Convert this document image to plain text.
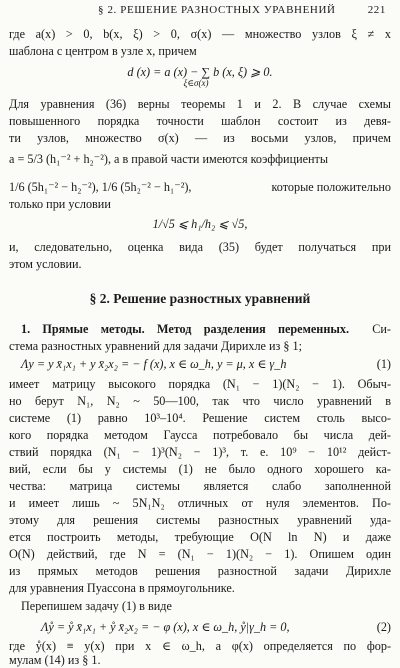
§ 2. РЕШЕНИЕ РАЗНОСТНЫХ УРАВНЕНИЙ	221
где a(x) > 0, b(x, ξ) > 0, σ(x) — множество узлов ξ ≠ x
шаблона с центром в узле x, причем
d (x) = a (x) − ∑ b (x, ξ) ⩾ 0.
ξ∈σ(x)
Для уравнения (36) верны теоремы 1 и 2. В случае схемы
повышенного порядка точности шаблон состоит из девя-
ти узлов, множество σ(x) — из восьми узлов, причем
a = 5/3 (h₁⁻² + h₂⁻²), а в правой части имеются коэффициенты
1/6 (5h₁⁻² − h₂⁻²), 1/6 (5h₂⁻² − h₁⁻²),	которые положительно
только при условии
1/√5 ⩽ h₁/h₂ ⩽ √5,
и, следовательно, оценка вида (35) будет получаться при
этом условии.
§ 2. Решение разностных уравнений
1. Прямые методы. Метод разделения переменных.	Си-
стема разностных уравнений для задачи Дирихле из § 1;
Λy = y x̄₁x₁ + y x̄₂x₂ = − f (x), x ∈ ω_h, y = μ, x ∈ γ_h	(1)
имеет матрицу высокого порядка (N₁ − 1)(N₂ − 1). Обыч-
но берут N₁, N₂ ~ 50—100, так что число уравнений в
системе (1) равно 10³–10⁴. Решение систем столь высо-
кого порядка методом Гаусса потребовало бы числа дей-
ствий порядка (N₁ − 1)³(N₂ − 1)³, т. е. 10⁹ − 10¹² дейст-
вий, если бы у системы (1) не было одного хорошего ка-
чества: матрица системы является слабо заполненной
и имеет лишь ~ 5N₁N₂ отличных от нуля элементов. По-
этому для решения системы разностных уравнений уда-
ется построить методы, требующие O(N ln N) и даже
O(N) действий, где N = (N₁ − 1)(N₂ − 1). Опишем один
из прямых методов решения разностной задачи Дирихле
для уравнения Пуассона в прямоугольнике.
Перепишем задачу (1) в виде
Λẙ = ẙ x̄₁x₁ + ẙ x̄₂x₂ = − φ (x), x ∈ ω_h, ẙ|γ_h = 0,	(2)
где ẙ(x) ≡ y(x) при x ∈ ω_h, а φ(x) определяется по фор-
мулам (14) из § 1.
